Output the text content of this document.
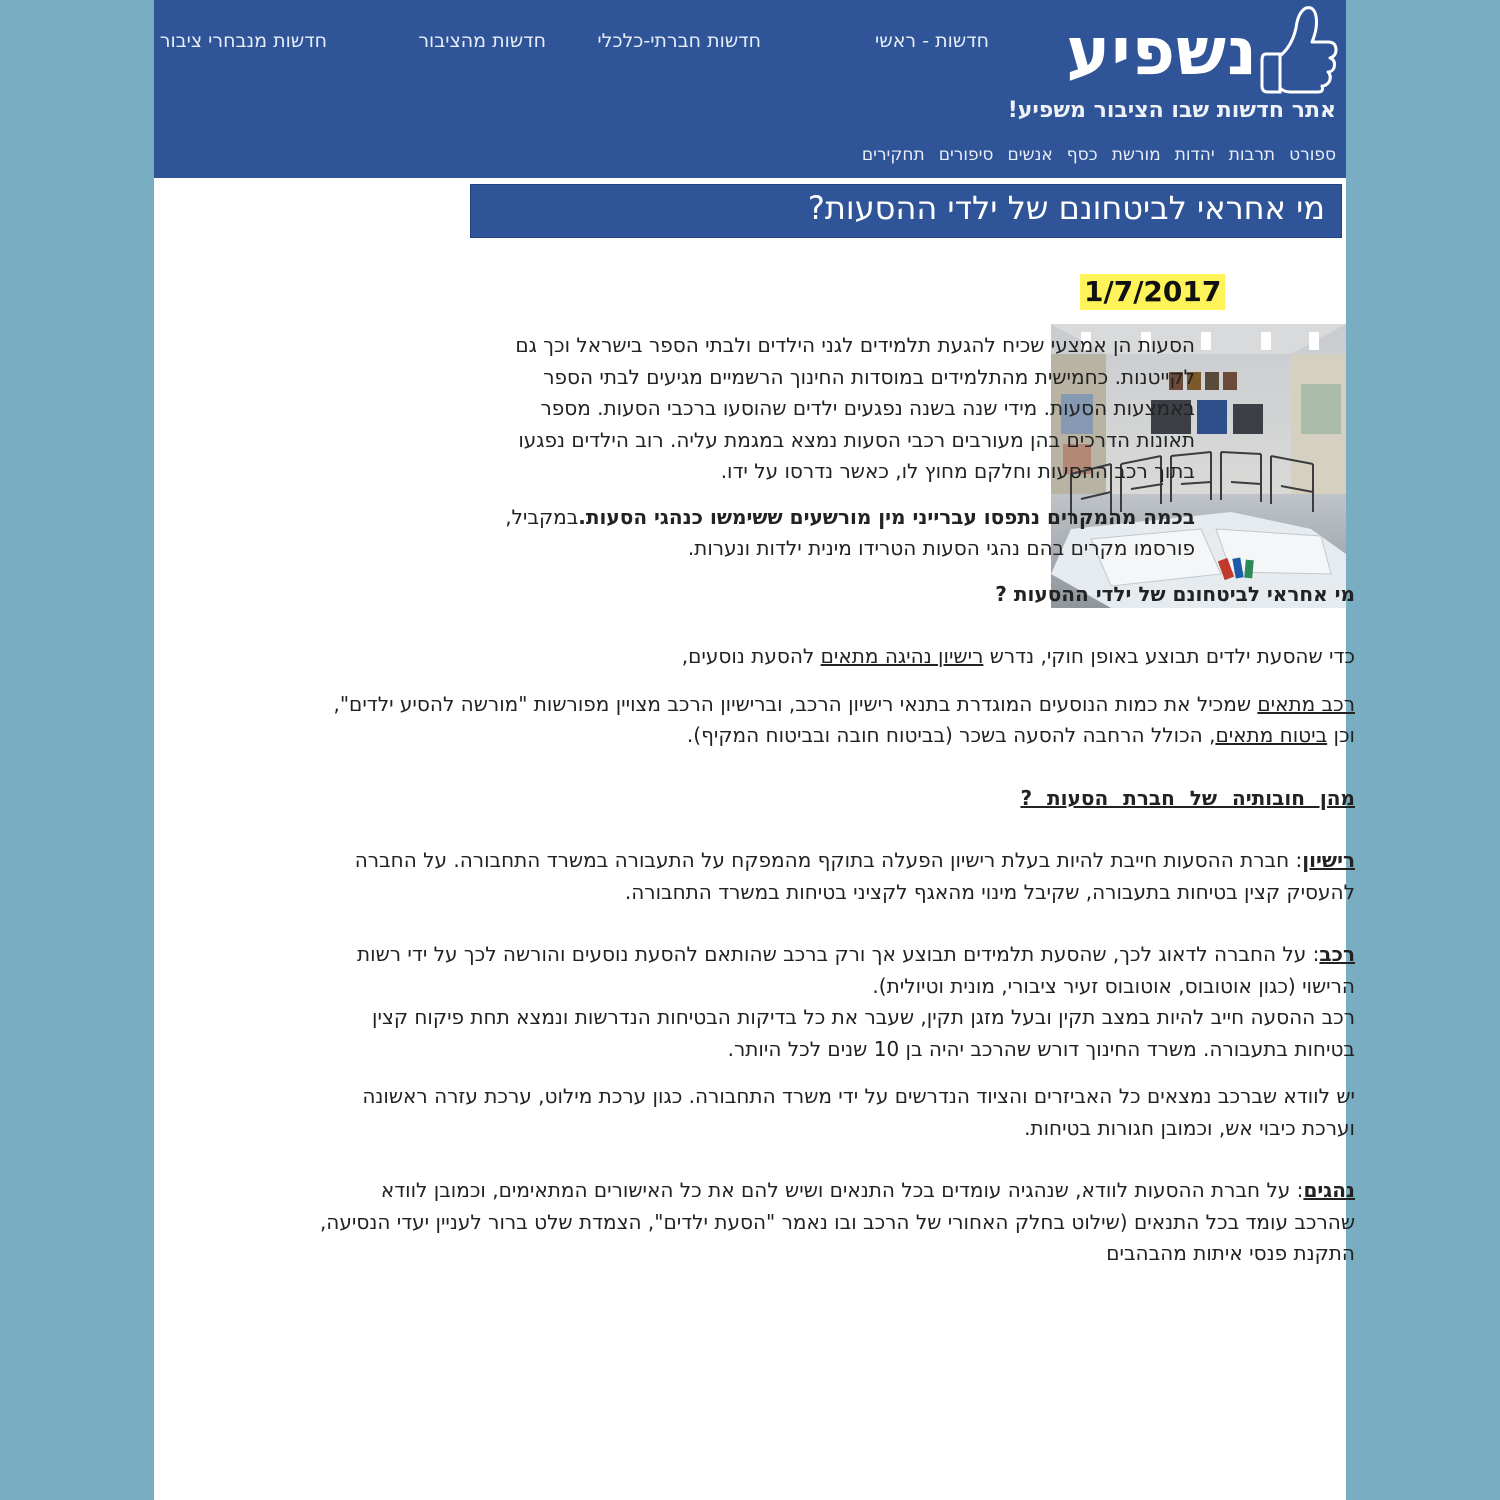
נשפיע
אתר חדשות שבו הציבור משפיע!
חדשות - ראשי
חדשות חברתי-כלכלי
חדשות מהציבור
חדשות מנבחרי ציבור
ספורט
תרבות
יהדות
מורשת
כסף
אנשים
סיפורים
תחקירים
מי אחראי לביטחונם של ילדי ההסעות?
1/7/2017

הסעות הן אמצעי שכיח להגעת תלמידים לגני הילדים ולבתי הספר בישראל וכך גם לקייטנות. כחמישית מהתלמידים במוסדות החינוך הרשמיים מגיעים לבתי הספר באמצעות הסעות. מידי שנה בשנה נפגעים ילדים שהוסעו ברכבי הסעות. מספר תאונות הדרכים בהן מעורבים רכבי הסעות נמצא במגמת עליה. רוב הילדים נפגעו בתוך רכב ההסעות וחלקם מחוץ לו, כאשר נדרסו על ידו.

בכמה מהמקרים נתפסו עברייני מין מורשעים ששימשו כנהגי הסעות.במקביל, פורסמו מקרים בהם נהגי הסעות הטרידו מינית ילדות ונערות.

מי אחראי לביטחונם של ילדי ההסעות ?

כדי שהסעת ילדים תבוצע באופן חוקי, נדרש רישיון נהיגה מתאים להסעת נוסעים,

רכב מתאים שמכיל את כמות הנוסעים המוגדרת בתנאי רישיון הרכב, וברישיון הרכב מצויין מפורשות "מורשה להסיע ילדים", וכן ביטוח מתאים, הכולל הרחבה להסעה בשכר (בביטוח חובה ובביטוח המקיף).

מהן חובותיה של חברת הסעות ?

רישיון: חברת ההסעות חייבת להיות בעלת רישיון הפעלה בתוקף מהמפקח על התעבורה במשרד התחבורה. על החברה להעסיק קצין בטיחות בתעבורה, שקיבל מינוי מהאגף לקציני בטיחות במשרד התחבורה.

רכב: על החברה לדאוג לכך, שהסעת תלמידים תבוצע אך ורק ברכב שהותאם להסעת נוסעים והורשה לכך על ידי רשות הרישוי (כגון אוטובוס, אוטובוס זעיר ציבורי, מונית וטיולית).

רכב ההסעה חייב להיות במצב תקין ובעל מזגן תקין, שעבר את כל בדיקות הבטיחות הנדרשות ונמצא תחת פיקוח קצין בטיחות בתעבורה. משרד החינוך דורש שהרכב יהיה בן 10 שנים לכל היותר.

יש לוודא שברכב נמצאים כל האביזרים והציוד הנדרשים על ידי משרד התחבורה. כגון ערכת מילוט, ערכת עזרה ראשונה וערכת כיבוי אש, וכמובן חגורות בטיחות.

נהגים: על חברת ההסעות לוודא, שנהגיה עומדים בכל התנאים ושיש להם את כל האישורים המתאימים, וכמובן לוודא שהרכב עומד בכל התנאים (שילוט בחלק האחורי של הרכב ובו נאמר "הסעת ילדים", הצמדת שלט ברור לעניין יעדי הנסיעה, התקנת פנסי איתות מהבהבים
